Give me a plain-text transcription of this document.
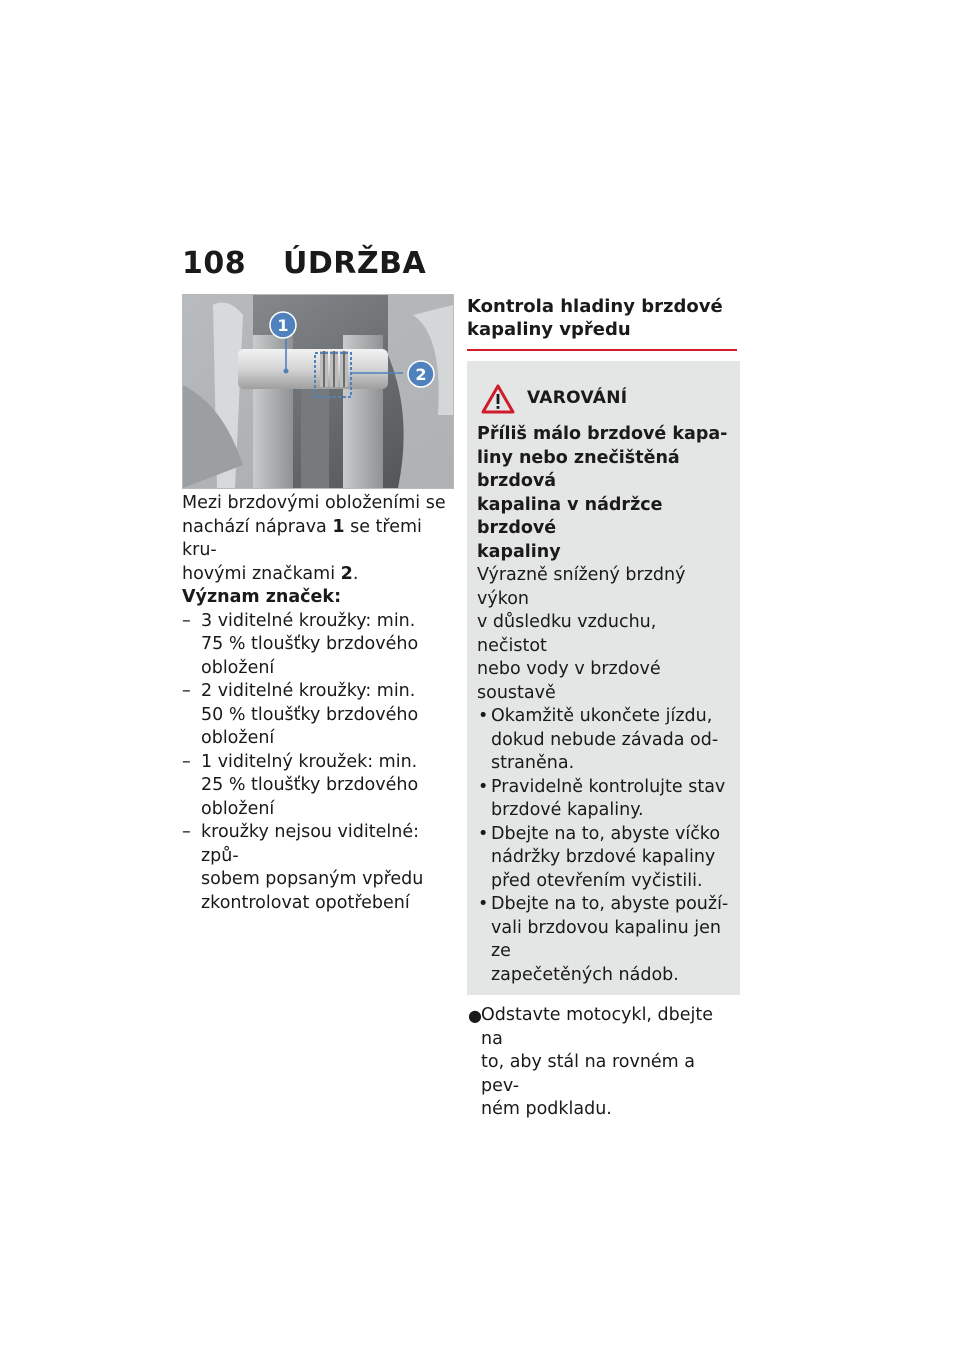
108 ÚDRŽBA
1
2

Mezi brzdovými obloženími se
nachází náprava 1 se třemi kru-
hovými značkami 2.

Význam značek:

– 3 viditelné kroužky: min.
75 % tloušťky brzdového
obložení
– 2 viditelné kroužky: min.
50 % tloušťky brzdového
obložení
– 1 viditelný kroužek: min.
25 % tloušťky brzdového
obložení
– kroužky nejsou viditelné: způ-
sobem popsaným vpředu
zkontrolovat opotřebení
Kontrola hladiny brzdové
kapaliny vpředu
VAROVÁNÍ
Příliš málo brzdové kapa-
liny nebo znečištěná brzdová
kapalina v nádržce brzdové
kapaliny
Výrazně snížený brzdný výkon
v důsledku vzduchu, nečistot
nebo vody v brzdové soustavě
• Okamžitě ukončete jízdu,
dokud nebude závada od-
straněna.
• Pravidelně kontrolujte stav
brzdové kapaliny.
• Dbejte na to, abyste víčko
nádržky brzdové kapaliny
před otevřením vyčistili.
• Dbejte na to, abyste použí-
vali brzdovou kapalinu jen ze
zapečetěných nádob.
● Odstavte motocykl, dbejte na
to, aby stál na rovném a pev-
ném podkladu.
